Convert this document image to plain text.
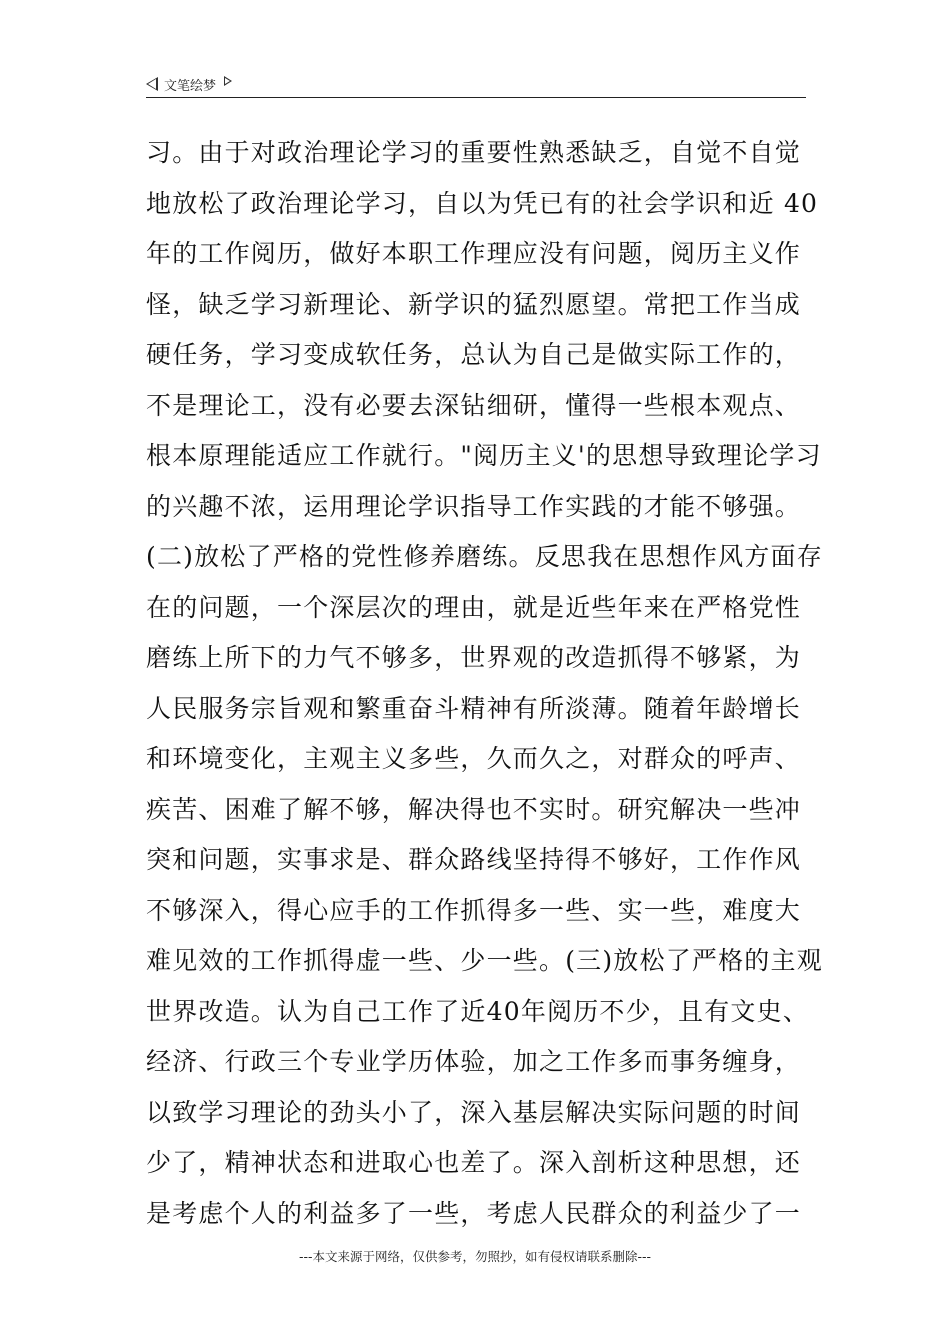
文笔绘梦
习。由于对政治理论学习的重要性熟悉缺乏，自觉不自觉
地放松了政治理论学习，自以为凭已有的社会学识和近 40
年的工作阅历，做好本职工作理应没有问题，阅历主义作
怪，缺乏学习新理论、新学识的猛烈愿望。常把工作当成
硬任务，学习变成软任务，总认为自己是做实际工作的，
不是理论工，没有必要去深钻细研，懂得一些根本观点、
根本原理能适应工作就行。"阅历主义'的思想导致理论学习
的兴趣不浓，运用理论学识指导工作实践的才能不够强。
(二)放松了严格的党性修养磨练。反思我在思想作风方面存
在的问题，一个深层次的理由，就是近些年来在严格党性
磨练上所下的力气不够多，世界观的改造抓得不够紧，为
人民服务宗旨观和繁重奋斗精神有所淡薄。随着年龄增长
和环境变化，主观主义多些，久而久之，对群众的呼声、
疾苦、困难了解不够，解决得也不实时。研究解决一些冲
突和问题，实事求是、群众路线坚持得不够好，工作作风
不够深入，得心应手的工作抓得多一些、实一些，难度大
难见效的工作抓得虚一些、少一些。(三)放松了严格的主观
世界改造。认为自己工作了近40年阅历不少，且有文史、
经济、行政三个专业学历体验，加之工作多而事务缠身，
以致学习理论的劲头小了，深入基层解决实际问题的时间
少了，精神状态和进取心也差了。深入剖析这种思想，还
是考虑个人的利益多了一些，考虑人民群众的利益少了一
---本文来源于网络，仅供参考，勿照抄，如有侵权请联系删除---
